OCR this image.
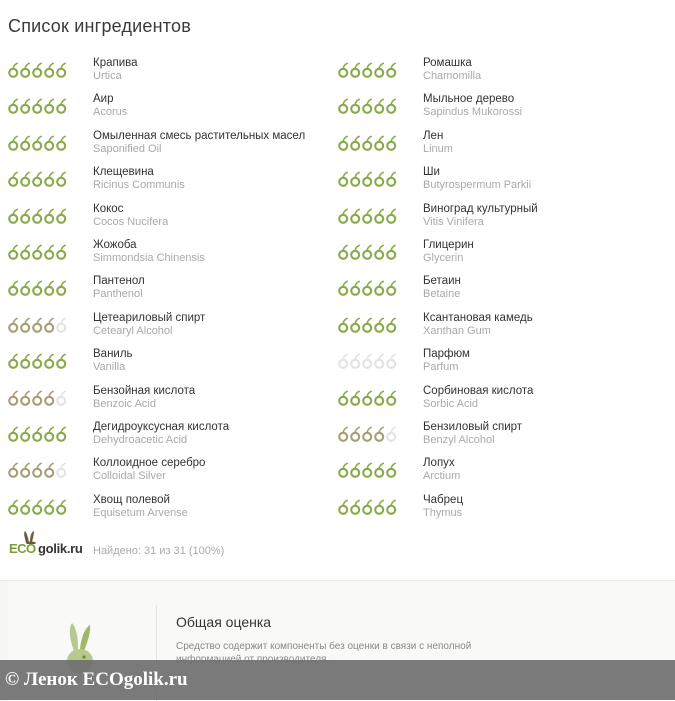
Список ингредиентов
Крапива
Urtica
Аир
Acorus
Омыленная смесь растительных масел
Saponified Oil
Клещевина
Ricinus Communis
Кокос
Cocos Nucifera
Жожоба
Simmondsia Chinensis
Пантенол
Panthenol
Цетеариловый спирт
Cetearyl Alcohol
Ваниль
Vanilla
Бензойная кислота
Benzoic Acid
Дегидроуксусная кислота
Dehydroacetic Acid
Коллоидное серебро
Colloidal Silver
Хвощ полевой
Equisetum Arvense
Ромашка
Chamomilla
Мыльное дерево
Sapindus Mukorossi
Лен
Linum
Ши
Butyrospermum Parkii
Виноград культурный
Vitis Vinifera
Глицерин
Glycerin
Бетаин
Betaine
Ксантановая камедь
Xanthan Gum
Парфюм
Parfum
Сорбиновая кислота
Sorbic Acid
Бензиловый спирт
Benzyl Alcohol
Лопух
Arctium
Чабрец
Thymus
ECO golik.ru Найдено: 31 из 31 (100%)
Общая оценка
Средство содержит компоненты без оценки в связи с неполной
© Ленок ECOgolik.ru
